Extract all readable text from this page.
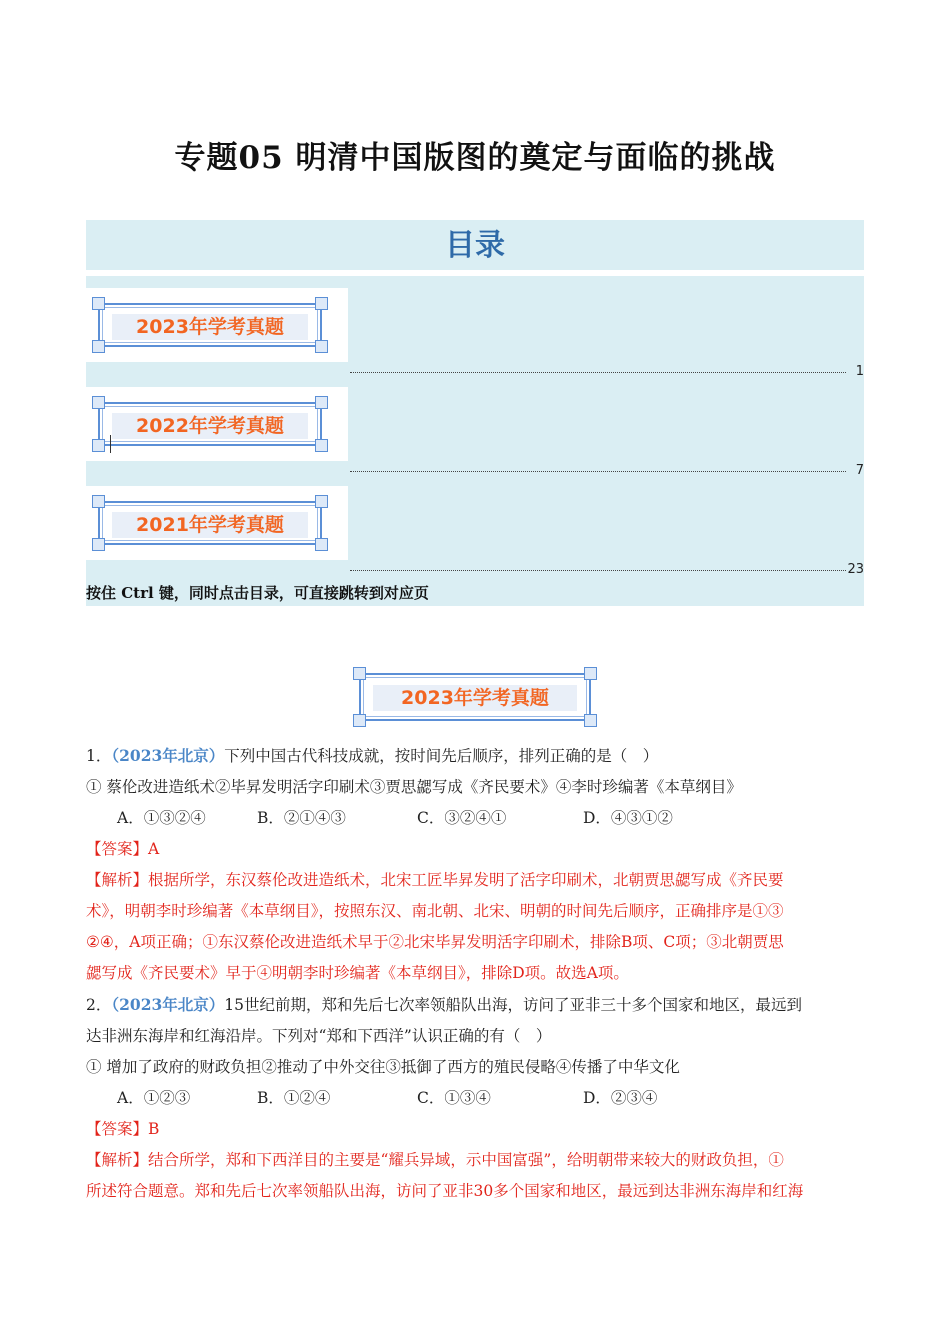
专题05 明清中国版图的奠定与面临的挑战
目录
2023年学考真题
1
2022年学考真题
7
2021年学考真题
23
按住 Ctrl 键，同时点击目录，可直接跳转到对应页
2023年学考真题
1．（2023年北京）下列中国古代科技成就，按时间先后顺序，排列正确的是（　）
① 蔡伦改进造纸术②毕昇发明活字印刷术③贾思勰写成《齐民要术》④李时珍编著《本草纲目》
A．①③②④	B．②①④③	C．③②④①	D．④③①②
【答案】A
【解析】根据所学，东汉蔡伦改进造纸术，北宋工匠毕昇发明了活字印刷术，北朝贾思勰写成《齐民要
术》，明朝李时珍编著《本草纲目》，按照东汉、南北朝、北宋、明朝的时间先后顺序，正确排序是①③
②④，A项正确；①东汉蔡伦改进造纸术早于②北宋毕昇发明活字印刷术，排除B项、C项；③北朝贾思
勰写成《齐民要术》早于④明朝李时珍编著《本草纲目》，排除D项。故选A项。
2．（2023年北京）15世纪前期，郑和先后七次率领船队出海，访问了亚非三十多个国家和地区，最远到
达非洲东海岸和红海沿岸。下列对“郑和下西洋”认识正确的有（　）
① 增加了政府的财政负担②推动了中外交往③抵御了西方的殖民侵略④传播了中华文化
A．①②③	B．①②④	C．①③④	D．②③④
【答案】B
【解析】结合所学，郑和下西洋目的主要是“耀兵异域，示中国富强”，给明朝带来较大的财政负担，①
所述符合题意。郑和先后七次率领船队出海，访问了亚非30多个国家和地区，最远到达非洲东海岸和红海
